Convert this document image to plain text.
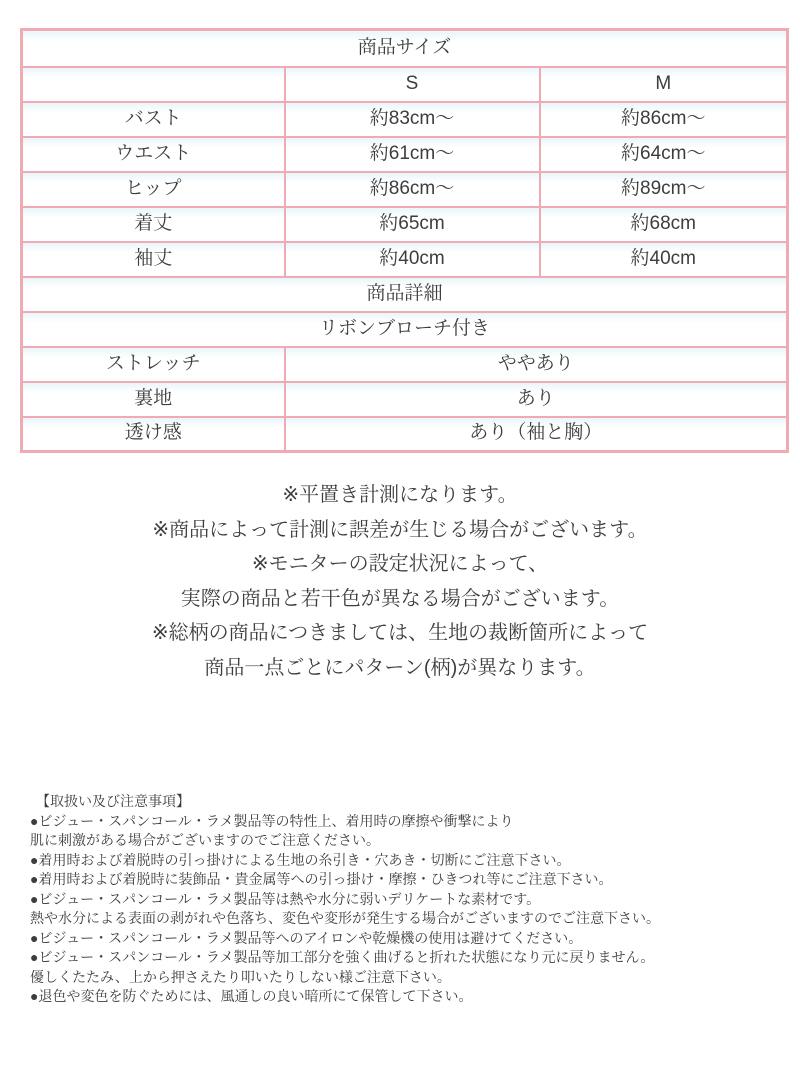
商品サイズ		
	S	M
バスト	約83cm～	約86cm～
ウエスト	約61cm～	約64cm～
ヒップ	約86cm～	約89cm～
着丈	約65cm	約68cm
袖丈	約40cm	約40cm
商品詳細		
リボンブローチ付き		
ストレッチ	ややあり	
裏地	あり	
透け感	あり（袖と胸）	
※平置き計測になります。
※商品によって計測に誤差が生じる場合がございます。
※モニターの設定状況によって、
実際の商品と若干色が異なる場合がございます。
※総柄の商品につきましては、生地の裁断箇所によって
商品一点ごとにパターン(柄)が異なります。
【取扱い及び注意事項】
●ビジュー・スパンコール・ラメ製品等の特性上、着用時の摩擦や衝撃により
肌に刺激がある場合がございますのでご注意ください。
●着用時および着脱時の引っ掛けによる生地の糸引き・穴あき・切断にご注意下さい。
●着用時および着脱時に装飾品・貴金属等への引っ掛け・摩擦・ひきつれ等にご注意下さい。
●ビジュー・スパンコール・ラメ製品等は熱や水分に弱いデリケートな素材です。
熱や水分による表面の剥がれや色落ち、変色や変形が発生する場合がございますのでご注意下さい。
●ビジュー・スパンコール・ラメ製品等へのアイロンや乾燥機の使用は避けてください。
●ビジュー・スパンコール・ラメ製品等加工部分を強く曲げると折れた状態になり元に戻りません。
優しくたたみ、上から押さえたり叩いたりしない様ご注意下さい。
●退色や変色を防ぐためには、風通しの良い暗所にて保管して下さい。
